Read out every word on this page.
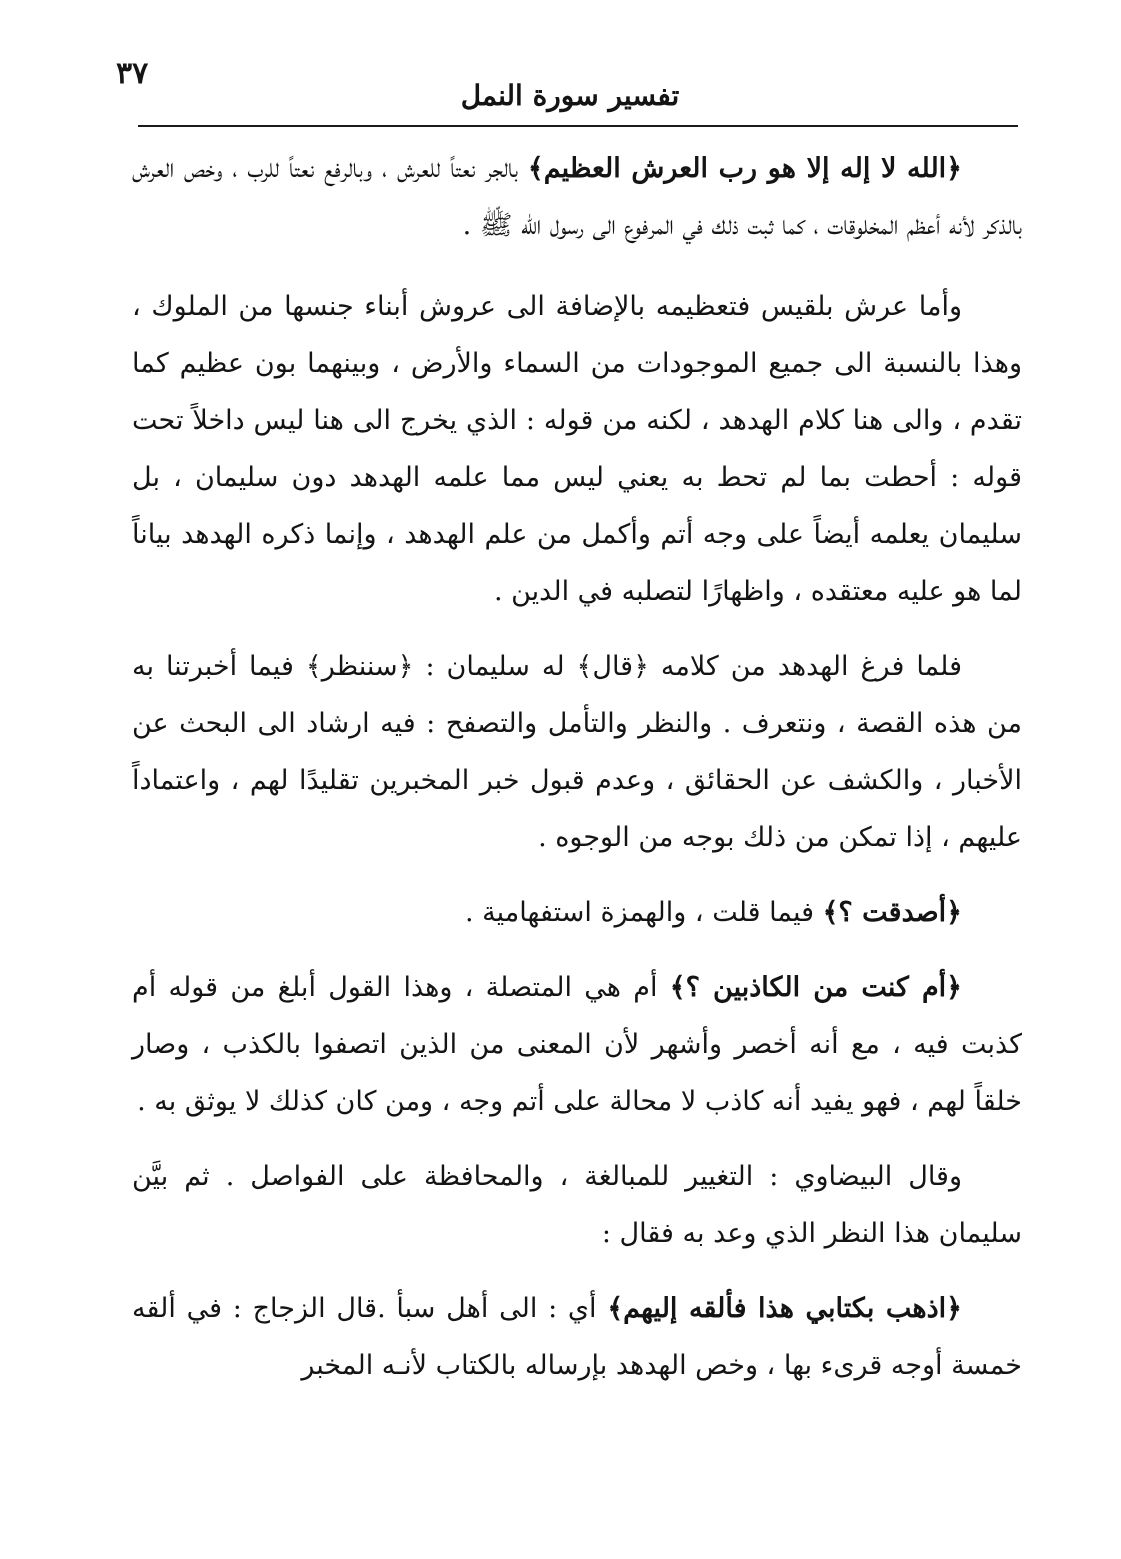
٣٧
تفسير سورة النمل

﴿الله لا إله إلا هو رب العرش العظيم﴾ بالجر نعتاً للعرش ، وبالرفع نعتاً للرب ، وخص العرش بالذكر لأنه أعظم المخلوقات ، كما ثبت ذلك في المرفوع الى رسول الله ﷺ .

وأما عرش بلقيس فتعظيمه بالإضافة الى عروش أبناء جنسها من الملوك ، وهذا بالنسبة الى جميع الموجودات من السماء والأرض ، وبينهما بون عظيم كما تقدم ، والى هنا كلام الهدهد ، لكنه من قوله : الذي يخرج الى هنا ليس داخلاً تحت قوله : أحطت بما لم تحط به يعني ليس مما علمه الهدهد دون سليمان ، بل سليمان يعلمه أيضاً على وجه أتم وأكمل من علم الهدهد ، وإنما ذكره الهدهد بياناً لما هو عليه معتقده ، واظهارًا لتصلبه في الدين .

فلما فرغ الهدهد من كلامه ﴿قال﴾ له سليمان : ﴿سننظر﴾ فيما أخبرتنا به من هذه القصة ، ونتعرف . والنظر والتأمل والتصفح : فيه ارشاد الى البحث عن الأخبار ، والكشف عن الحقائق ، وعدم قبول خبر المخبرين تقليدًا لهم ، واعتماداً عليهم ، إذا تمكن من ذلك بوجه من الوجوه .

﴿أصدقت ؟﴾ فيما قلت ، والهمزة استفهامية .

﴿أم كنت من الكاذبين ؟﴾ أم هي المتصلة ، وهذا القول أبلغ من قوله أم كذبت فيه ، مع أنه أخصر وأشهر لأن المعنى من الذين اتصفوا بالكذب ، وصار خلقاً لهم ، فهو يفيد أنه كاذب لا محالة على أتم وجه ، ومن كان كذلك لا يوثق به .

وقال البيضاوي : التغيير للمبالغة ، والمحافظة على الفواصل . ثم بيَّن سليمان هذا النظر الذي وعد به فقال :

﴿اذهب بكتابي هذا فألقه إليهم﴾ أي : الى أهل سبأ .قال الزجاج : في ألقه خمسة أوجه قرىء بها ، وخص الهدهد بإرساله بالكتاب لأنـه المخبر
